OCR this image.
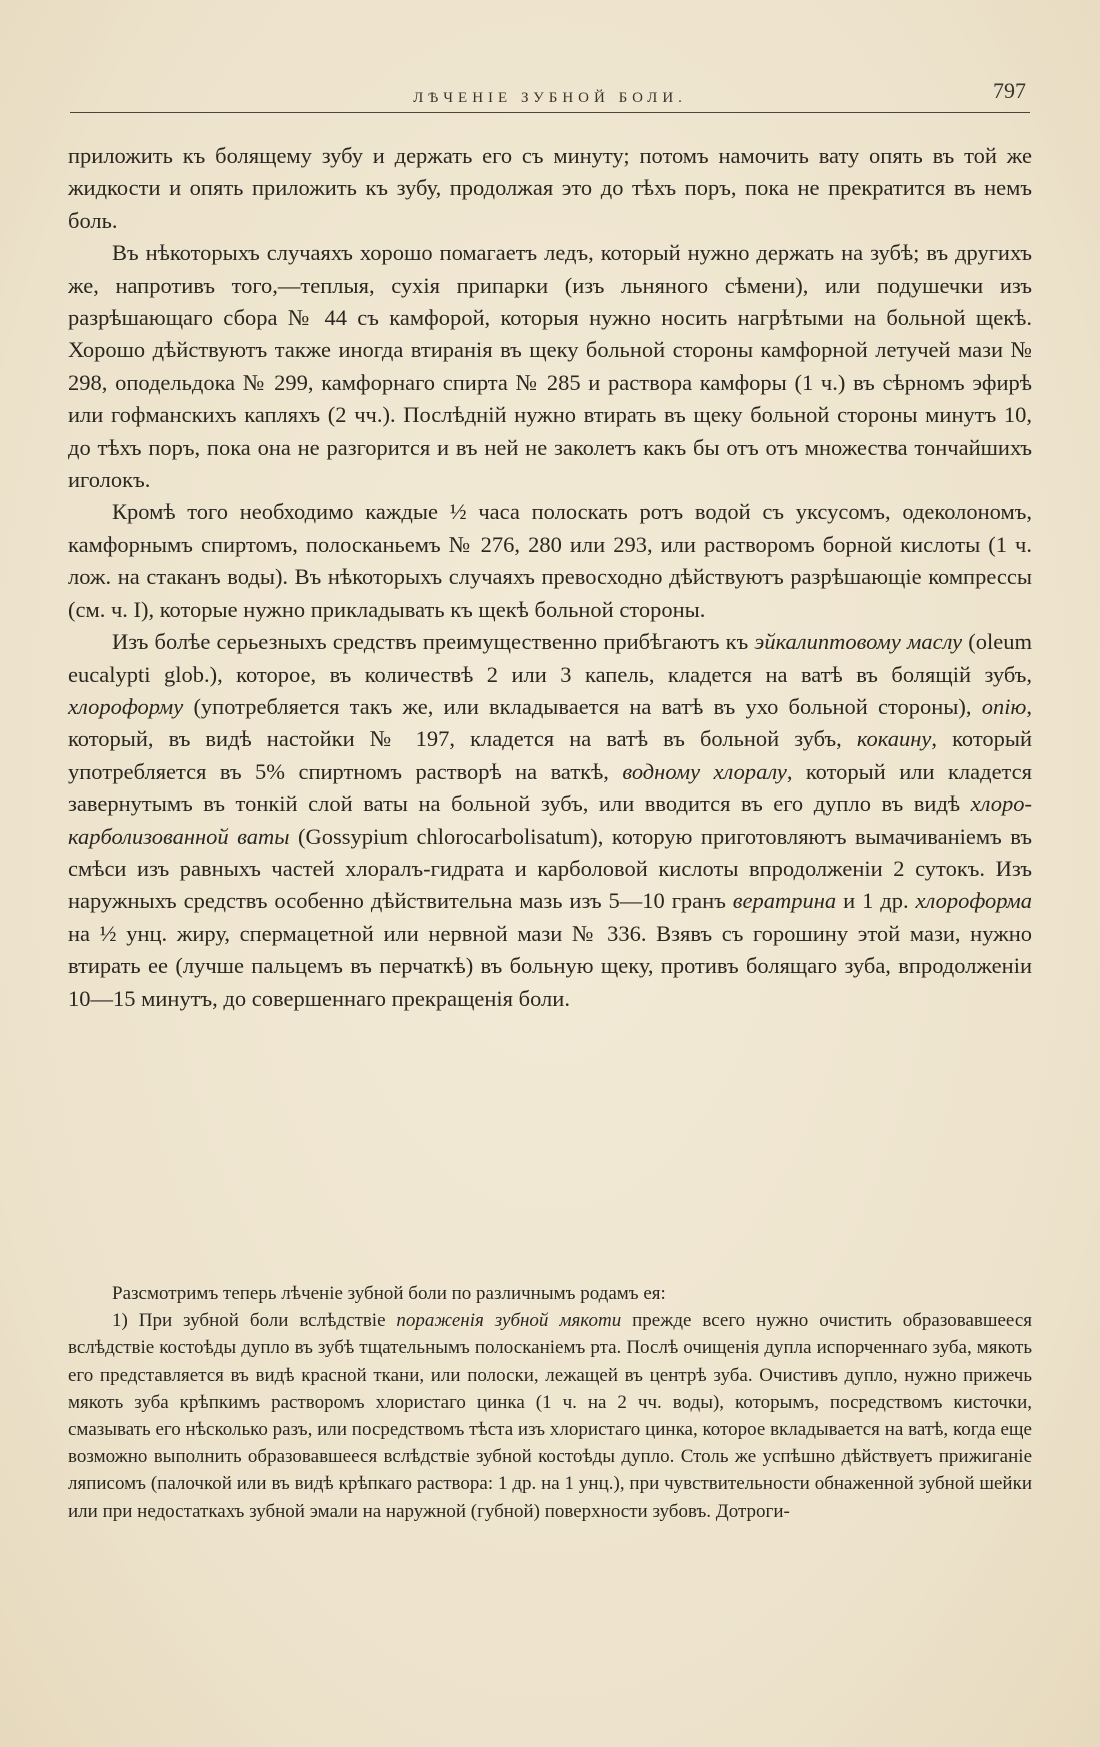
ЛѢЧЕНІЕ ЗУБНОЙ БОЛИ.	797

приложить къ болящему зубу и держать его съ минуту; потомъ намочить вату опять въ той же жидкости и опять приложить къ зубу, продолжая это до тѣхъ поръ, пока не прекратится въ немъ боль.

Въ нѣкоторыхъ случаяхъ хорошо помагаетъ ледъ, который нужно держать на зубѣ; въ другихъ же, напротивъ того,—теплыя, сухія припарки (изъ льняного сѣмени), или подушечки изъ разрѣшающаго сбора № 44 съ камфорой, которыя нужно носить нагрѣтыми на больной щекѣ. Хорошо дѣйствуютъ также иногда втиранія въ щеку больной стороны камфорной летучей мази № 298, оподельдока № 299, камфорнаго спирта № 285 и раствора камфоры (1 ч.) въ сѣрномъ эфирѣ или гофманскихъ капляхъ (2 чч.). Послѣдній нужно втирать въ щеку больной стороны минутъ 10, до тѣхъ поръ, пока она не разгорится и въ ней не заколетъ какъ бы отъ отъ множества тончайшихъ иголокъ.

Кромѣ того необходимо каждые ½ часа полоскать ротъ водой съ уксусомъ, одеколономъ, камфорнымъ спиртомъ, полосканьемъ № 276, 280 или 293, или растворомъ борной кислоты (1 ч. лож. на стаканъ воды). Въ нѣкоторыхъ случаяхъ превосходно дѣйствуютъ разрѣшающіе компрессы (см. ч. I), которые нужно прикладывать къ щекѣ больной стороны.

Изъ болѣе серьезныхъ средствъ преимущественно прибѣгаютъ къ эйкалиптовому маслу (oleum eucalypti glob.), которое, въ количествѣ 2 или 3 капель, кладется на ватѣ въ болящій зубъ, хлороформу (употребляется такъ же, или вкладывается на ватѣ въ ухо больной стороны), опію, который, въ видѣ настойки № 197, кладется на ватѣ въ больной зубъ, кокаину, который употребляется въ 5% спиртномъ растворѣ на ваткѣ, водному хлоралу, который или кладется завернутымъ въ тонкій слой ваты на больной зубъ, или вводится въ его дупло въ видѣ хлоро-карболизованной ваты (Gossypium chlorocarbolisatum), которую приготовляютъ вымачиваніемъ въ смѣси изъ равныхъ частей хлоралъ-гидрата и карболовой кислоты впродолженіи 2 сутокъ. Изъ наружныхъ средствъ особенно дѣйствительна мазь изъ 5—10 гранъ вератрина и 1 др. хлороформа на ½ унц. жиру, спермацетной или нервной мази № 336. Взявъ съ горошину этой мази, нужно втирать ее (лучше пальцемъ въ перчаткѣ) въ больную щеку, противъ болящаго зуба, впродолженіи 10—15 минутъ, до совершеннаго прекращенія боли.

Разсмотримъ теперь лѣченіе зубной боли по различнымъ родамъ ея:

1) При зубной боли вслѣдствіе пораженія зубной мякоти прежде всего нужно очистить образовавшееся вслѣдствіе костоѣды дупло въ зубѣ тщательнымъ полосканіемъ рта. Послѣ очищенія дупла испорченнаго зуба, мякоть его представляется въ видѣ красной ткани, или полоски, лежащей въ центрѣ зуба. Очистивъ дупло, нужно прижечь мякоть зуба крѣпкимъ растворомъ хлористаго цинка (1 ч. на 2 чч. воды), которымъ, посредствомъ кисточки, смазывать его нѣсколько разъ, или посредствомъ тѣста изъ хлористаго цинка, которое вкладывается на ватѣ, когда еще возможно выполнить образовавшееся вслѣдствіе зубной костоѣды дупло. Столь же успѣшно дѣйствуетъ прижиганіе ляписомъ (палочкой или въ видѣ крѣпкаго раствора: 1 др. на 1 унц.), при чувствительности обнаженной зубной шейки или при недостаткахъ зубной эмали на наружной (губной) поверхности зубовъ. Дотроги-
